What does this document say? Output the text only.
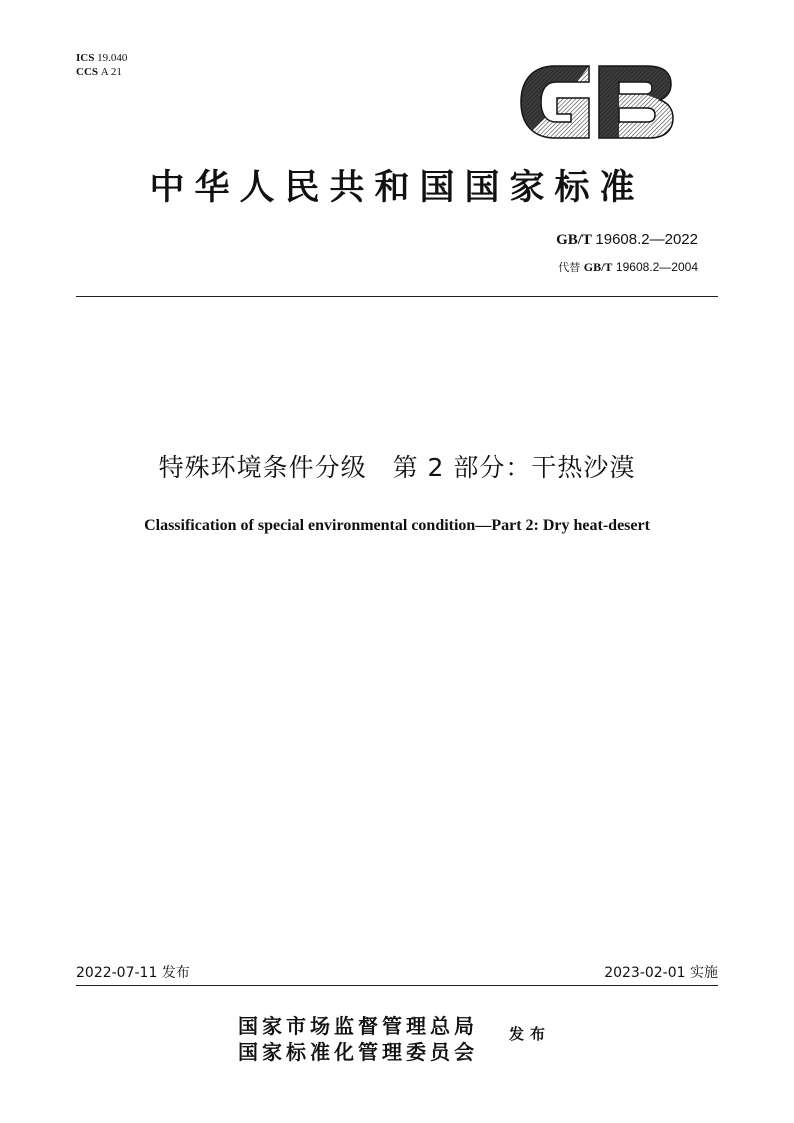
ICS 19.040
CCS A 21
GB
中华人民共和国国家标准
GB/T 19608.2—2022
代替 GB/T 19608.2—2004
特殊环境条件分级　第 2 部分：干热沙漠
Classification of special environmental condition—Part 2: Dry heat-desert
2022-07-11 发布	2023-02-01 实施
国家市场监督管理总局
国家标准化管理委员会
发布
